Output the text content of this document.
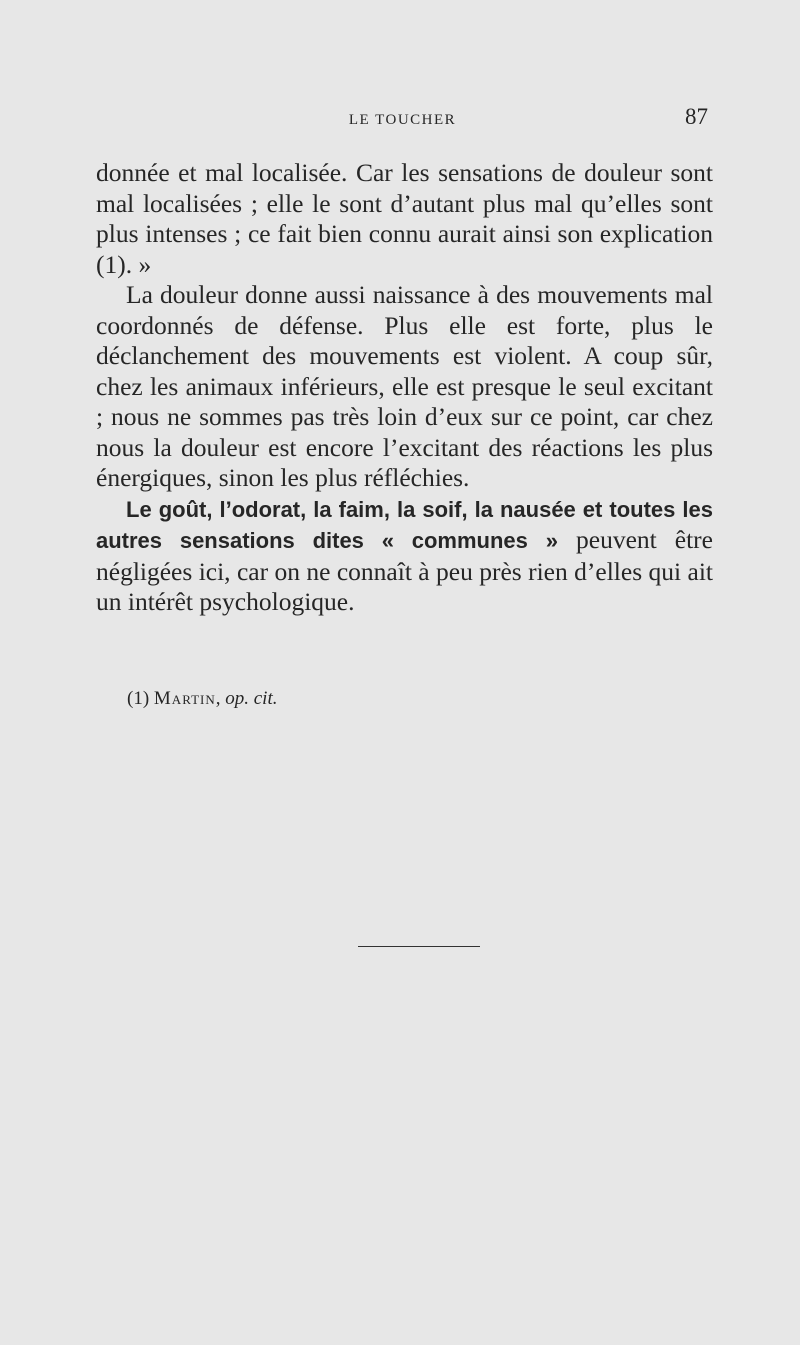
LE TOUCHER	87

donnée et mal localisée. Car les sensations de douleur sont mal localisées ; elle le sont d’autant plus mal qu’elles sont plus intenses ; ce fait bien connu aurait ainsi son explication (1). »

La douleur donne aussi naissance à des mouvements mal coordonnés de défense. Plus elle est forte, plus le déclanchement des mouvements est violent. A coup sûr, chez les animaux inférieurs, elle est presque le seul excitant ; nous ne sommes pas très loin d’eux sur ce point, car chez nous la douleur est encore l’excitant des réactions les plus énergiques, sinon les plus réfléchies.

Le goût, l’odorat, la faim, la soif, la nausée et toutes les autres sensations dites « communes » peuvent être négligées ici, car on ne connaît à peu près rien d’elles qui ait un intérêt psychologique.

(1) Martin, op. cit.
